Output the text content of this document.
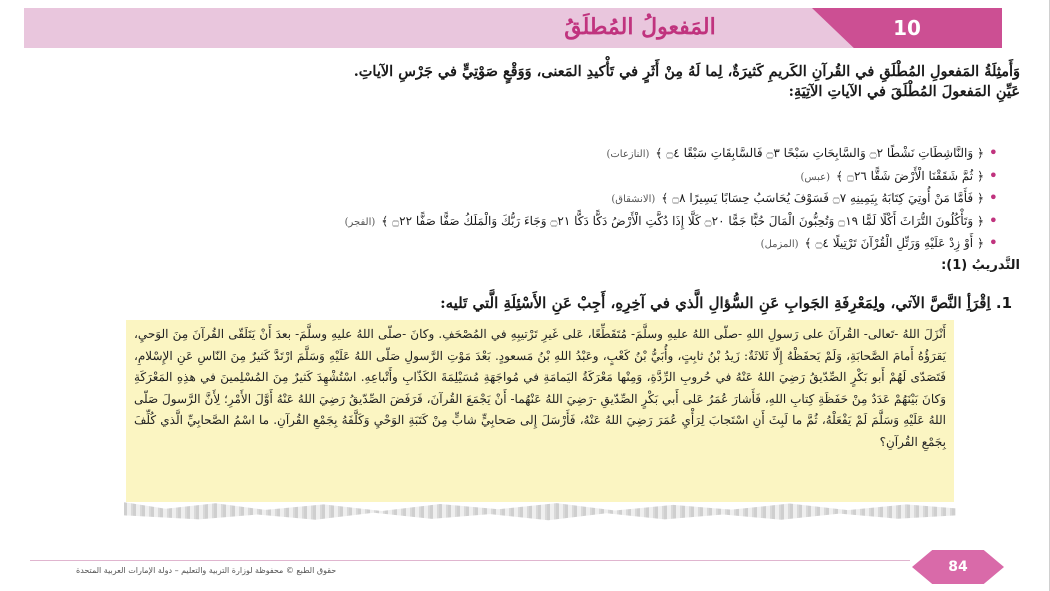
المَفعولُ المُطلَقُ	10

وَأَمثِلَةُ المَفعولِ المُطْلَقِ في القُرآنِ الكَريمِ كَثيرَةٌ، لِما لَهُ مِنْ أَثَرٍ في تَأْكيدِ المَعنى، وَوَقْعٍ صَوْتِيٍّ في جَرْسِ الآياتِ.

عَيِّنِ المَفعولَ المُطْلَقَ في الآياتِ الآتِيَةِ:

• ﴿ وَالنَّاشِطَاتِ نَشْطًا ۝٢ وَالسَّابِحَاتِ سَبْحًا ۝٣ فَالسَّابِقَاتِ سَبْقًا ۝٤ ﴾(النازعات)
• ﴿ ثُمَّ شَقَقْنَا الْأَرْضَ شَقًّا ۝٢٦ ﴾(عبس)
• ﴿ فَأَمَّا مَنْ أُوتِيَ كِتَابَهُ بِيَمِينِهِ ۝٧ فَسَوْفَ يُحَاسَبُ حِسَابًا يَسِيرًا ۝٨ ﴾(الانشقاق)
• ﴿ وَتَأْكُلُونَ التُّرَاثَ أَكْلًا لَمًّا ۝١٩ وَتُحِبُّونَ الْمَالَ حُبًّا جَمًّا ۝٢٠ كَلَّا إِذَا دُكَّتِ الْأَرْضُ دَكًّا دَكًّا ۝٢١ وَجَاءَ رَبُّكَ وَالْمَلَكُ صَفًّا صَفًّا ۝٢٢ ﴾(الفجر)
• ﴿ أَوْ زِدْ عَلَيْهِ وَرَتِّلِ الْقُرْآنَ تَرْتِيلًا ۝٤ ﴾(المزمل)
التَّدريبُ (1):
1. اِقْرَأِ النَّصَّ الآتي، ولِمَعْرِفَةِ الجَوابِ عَنِ السُّؤالِ الَّذي في آخِرِهِ، أَجِبْ عَنِ الأَسْئِلَةِ الَّتي تَليه:

أَنْزَلَ اللهُ -تَعالى- القُرآنَ على رَسولِ اللهِ -صلّى اللهُ عليهِ وسلَّمَ- مُتَقَطِّعًا، عَلى غَيرِ تَرْتيبِهِ في المُصْحَفِ. وكانَ -صلّى اللهُ عليهِ وسلَّمَ- بعدَ أَنْ يَتَلَقّى القُرآنَ مِنَ الوَحيِ، يَقرَؤُهُ أَمامَ الصَّحابَةِ، وَلَمْ يَحفَظْهُ إِلّا ثَلاثَةٌ: زَيدُ بْنُ ثابِتٍ، وأُبَيُّ بْنُ كَعْبٍ، وعَبْدُ اللهِ بْنُ مَسعودٍ. بَعْدَ مَوْتِ الرَّسولِ صَلّى اللهُ عَلَيْهِ وَسَلَّمَ ارْتَدَّ كَثيرٌ مِنَ النّاسِ عَنِ الإِسْلامِ، فَتَصَدّى لَهُمْ أَبو بَكْرٍ الصِّدّيقُ رَضِيَ اللهُ عَنْهُ في حُروبِ الرِّدَّةِ، وَمِنْها مَعْرَكَةُ اليَمامَةِ في مُواجَهَةِ مُسَيْلِمَةَ الكَذّابِ وأَتْباعِهِ. اسْتُشْهِدَ كَثيرٌ مِنَ المُسْلِمينَ في هذِهِ المَعْرَكَةِ وَكانَ بَيْنَهُمْ عَدَدٌ مِنْ حَفَظَةِ كِتابِ اللهِ، فَأَشارَ عُمَرُ عَلى أَبي بَكْرٍ الصِّدّيقِ -رَضِيَ اللهُ عَنْهُما- أَنْ يَجْمَعَ القُرآنَ، فَرَفَضَ الصِّدّيقُ رَضِيَ اللهُ عَنْهُ أَوَّلَ الأَمْرِ؛ لِأَنَّ الرَّسولَ صَلّى اللهُ عَلَيْهِ وَسَلَّمَ لَمْ يَفْعَلْهُ، ثُمَّ ما لَبِثَ أَنِ اسْتَجابَ لِرَأْيِ عُمَرَ رَضِيَ اللهُ عَنْهُ، فَأَرْسَلَ إِلى صَحابِيٍّ شابٍّ مِنْ كَتَبَةِ الوَحْيِ وَكَلَّفَهُ بِجَمْعِ القُرآنِ. ما اسْمُ الصَّحابِيِّ الَّذي كُلِّفَ بِجَمْعِ القُرآنِ؟

حقوق الطبع © محفوظة لوزارة التربية والتعليم – دولة الإمارات العربية المتحدة	84
